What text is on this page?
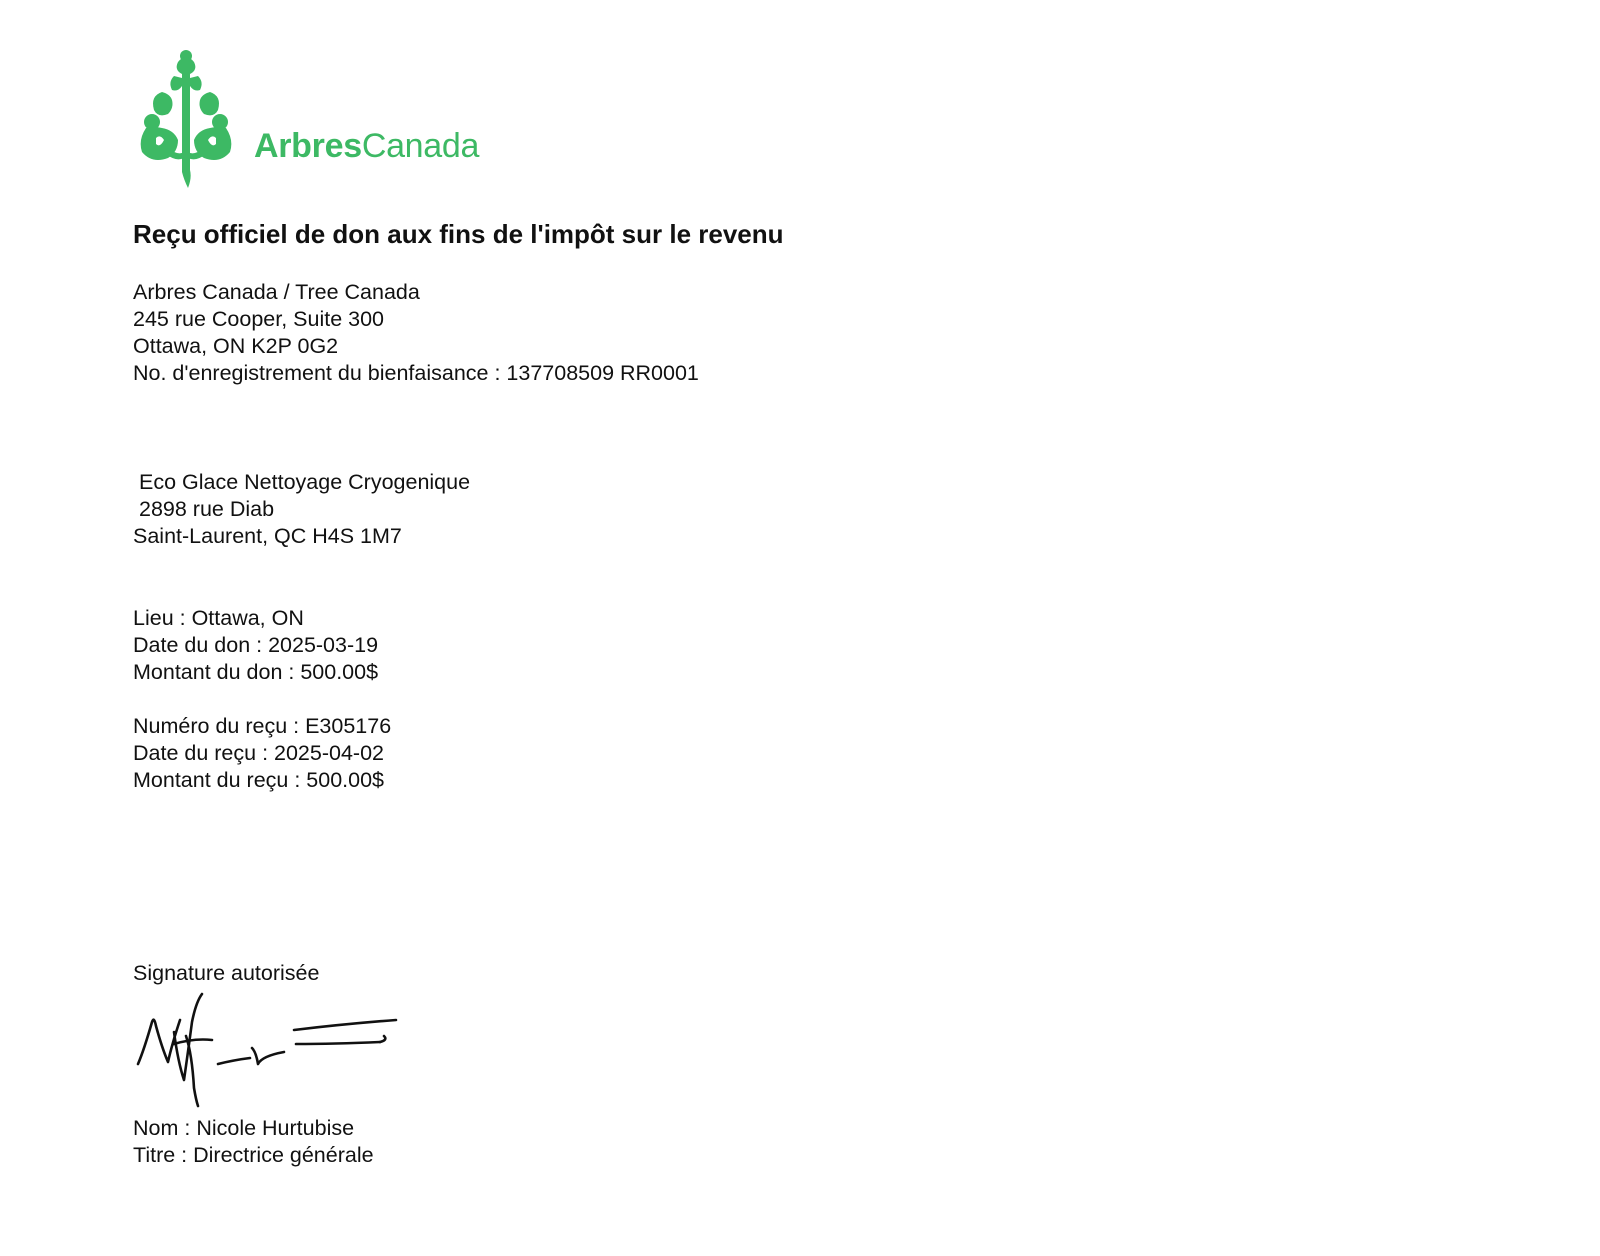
ArbresCanada
Reçu officiel de don aux fins de l'impôt sur le revenu
Arbres Canada / Tree Canada
245 rue Cooper, Suite 300
Ottawa, ON K2P 0G2
No. d'enregistrement du bienfaisance : 137708509 RR0001
Eco Glace Nettoyage Cryogenique
2898 rue Diab
Saint-Laurent, QC H4S 1M7
Lieu : Ottawa, ON
Date du don : 2025-03-19
Montant du don : 500.00$
Numéro du reçu : E305176
Date du reçu : 2025-04-02
Montant du reçu : 500.00$
Signature autorisée
Nom : Nicole Hurtubise
Titre : Directrice générale
